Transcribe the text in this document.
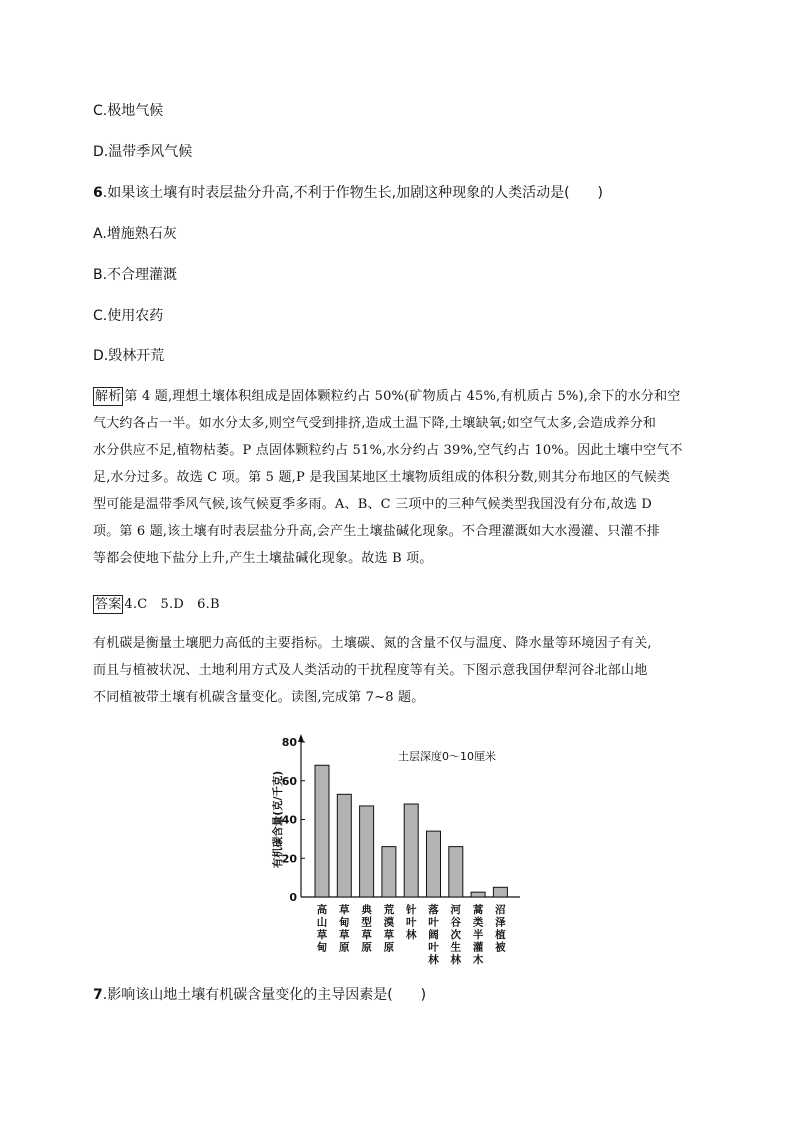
C.极地气候
D.温带季风气候
6.如果该土壤有时表层盐分升高,不利于作物生长,加剧这种现象的人类活动是(　　)
A.增施熟石灰
B.不合理灌溉
C.使用农药
D.毁林开荒
解析 第 4 题,理想土壤体积组成是固体颗粒约占 50%(矿物质占 45%,有机质占 5%),余下的水分和空
气大约各占一半。如水分太多,则空气受到排挤,造成土温下降,土壤缺氧;如空气太多,会造成养分和
水分供应不足,植物枯萎。P 点固体颗粒约占 51%,水分约占 39%,空气约占 10%。因此土壤中空气不
足,水分过多。故选 C 项。第 5 题,P 是我国某地区土壤物质组成的体积分数,则其分布地区的气候类
型可能是温带季风气候,该气候夏季多雨。A、B、C 三项中的三种气候类型我国没有分布,故选 D
项。第 6 题,该土壤有时表层盐分升高,会产生土壤盐碱化现象。不合理灌溉如大水漫灌、只灌不排
等都会使地下盐分上升,产生土壤盐碱化现象。故选 B 项。
答案 4.C　5.D　6.B
有机碳是衡量土壤肥力高低的主要指标。土壤碳、氮的含量不仅与温度、降水量等环境因子有关,
而且与植被状况、土地利用方式及人类活动的干扰程度等有关。下图示意我国伊犁河谷北部山地
不同植被带土壤有机碳含量变化。读图,完成第 7~8 题。
0
20
40
60
80
有机碳含量(克/千克)
土层深度0～10厘米
高
山
草
甸
草
甸
草
原
典
型
草
原
荒
漠
草
原
针
叶
林
落
叶
阔
叶
林
河
谷
次
生
林
蒿
类
半
灌
木
沼
泽
植
被
7.影响该山地土壤有机碳含量变化的主导因素是(　　)
